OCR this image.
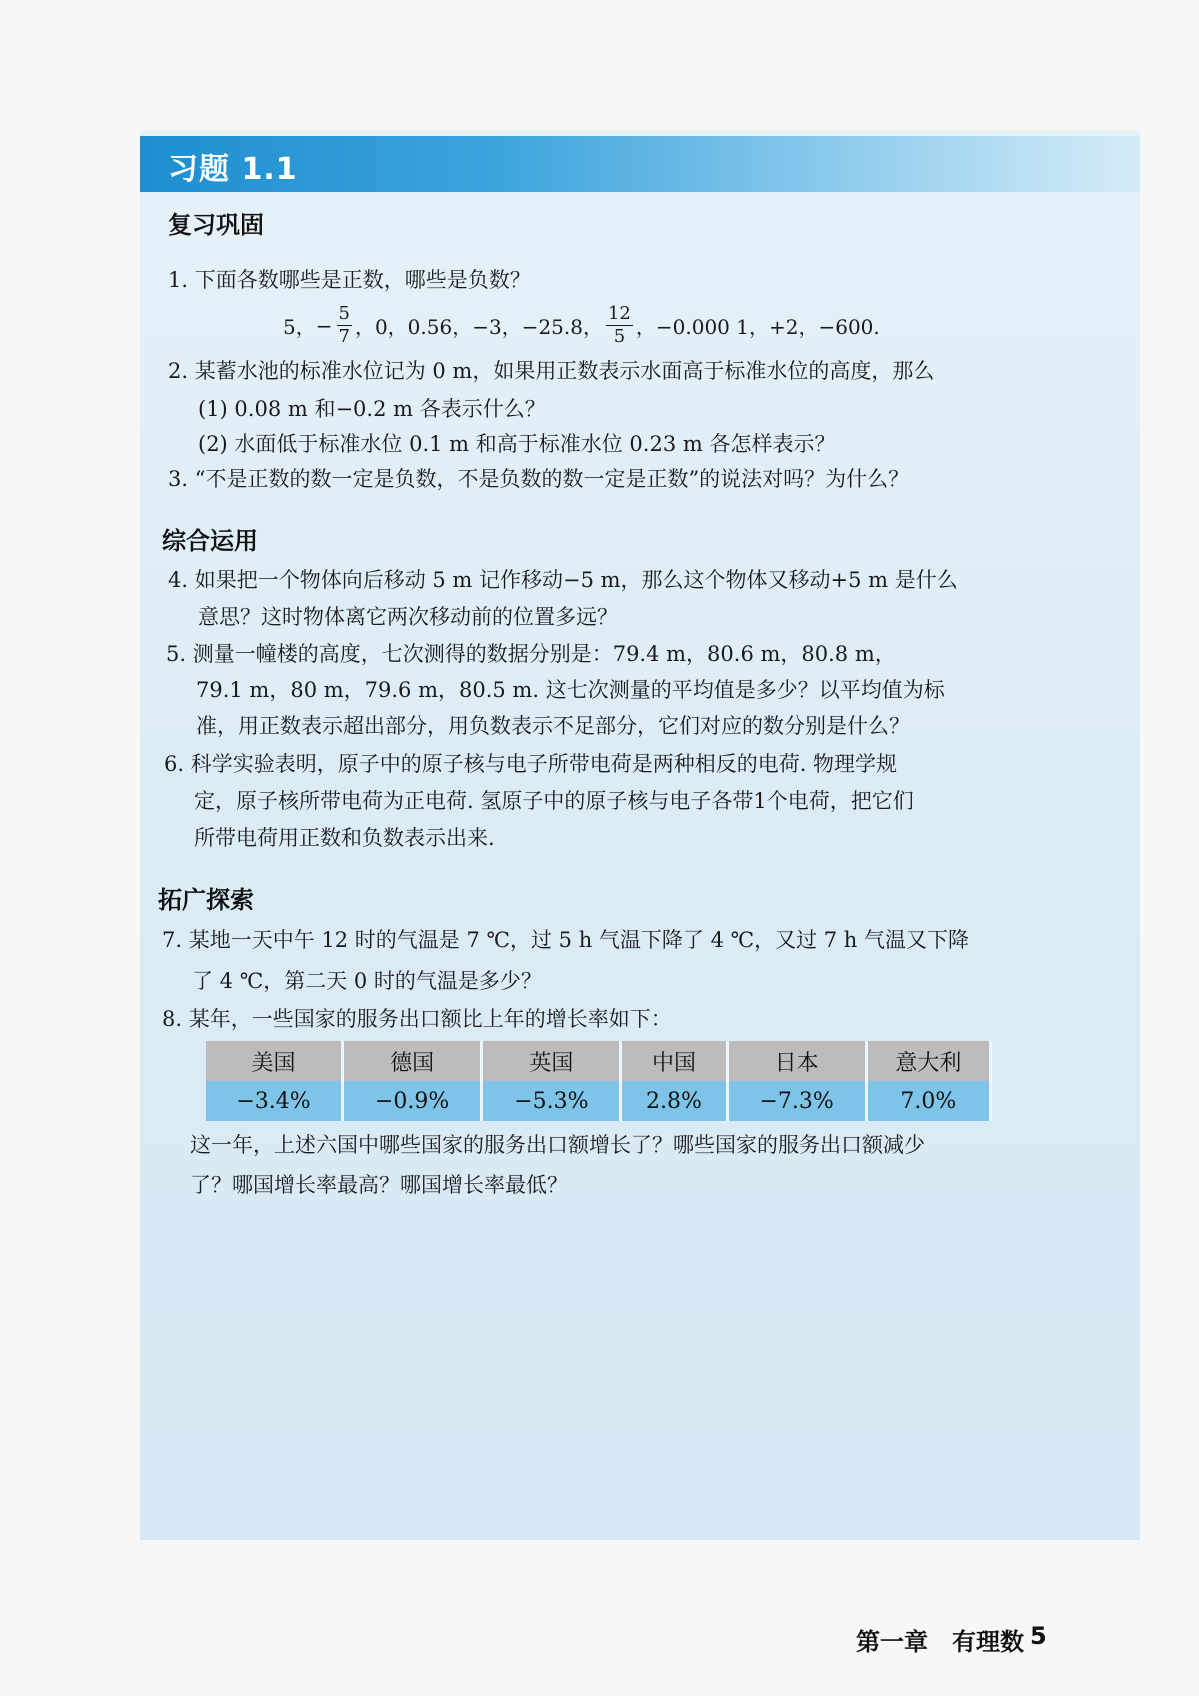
习题 1.1
复习巩固
1. 下面各数哪些是正数，哪些是负数？
5， − $\frac{5}{7}$ ，0，0.56，−3，−25.8， $\frac{12}{5}$ ，−0.000 1，+2，−600.
2. 某蓄水池的标准水位记为 0 m，如果用正数表示水面高于标准水位的高度，那么
(1) 0.08 m 和−0.2 m 各表示什么？
(2) 水面低于标准水位 0.1 m 和高于标准水位 0.23 m 各怎样表示？
3. “不是正数的数一定是负数，不是负数的数一定是正数”的说法对吗？为什么？
综合运用
4. 如果把一个物体向后移动 5 m 记作移动−5 m，那么这个物体又移动+5 m 是什么
意思？这时物体离它两次移动前的位置多远？
5. 测量一幢楼的高度，七次测得的数据分别是：79.4 m，80.6 m，80.8 m，
79.1 m，80 m，79.6 m，80.5 m. 这七次测量的平均值是多少？以平均值为标
准，用正数表示超出部分，用负数表示不足部分，它们对应的数分别是什么？
6. 科学实验表明，原子中的原子核与电子所带电荷是两种相反的电荷. 物理学规
定，原子核所带电荷为正电荷. 氢原子中的原子核与电子各带1个电荷，把它们
所带电荷用正数和负数表示出来.
拓广探索
7. 某地一天中午 12 时的气温是 7 ℃，过 5 h 气温下降了 4 ℃，又过 7 h 气温又下降
了 4 ℃，第二天 0 时的气温是多少？
8. 某年，一些国家的服务出口额比上年的增长率如下：
美国	德国	英国	中国	日本	意大利
−3.4%	−0.9%	−5.3%	2.8%	−7.3%	7.0%
这一年，上述六国中哪些国家的服务出口额增长了？哪些国家的服务出口额减少
了？哪国增长率最高？哪国增长率最低？
第一章　有理数 5
